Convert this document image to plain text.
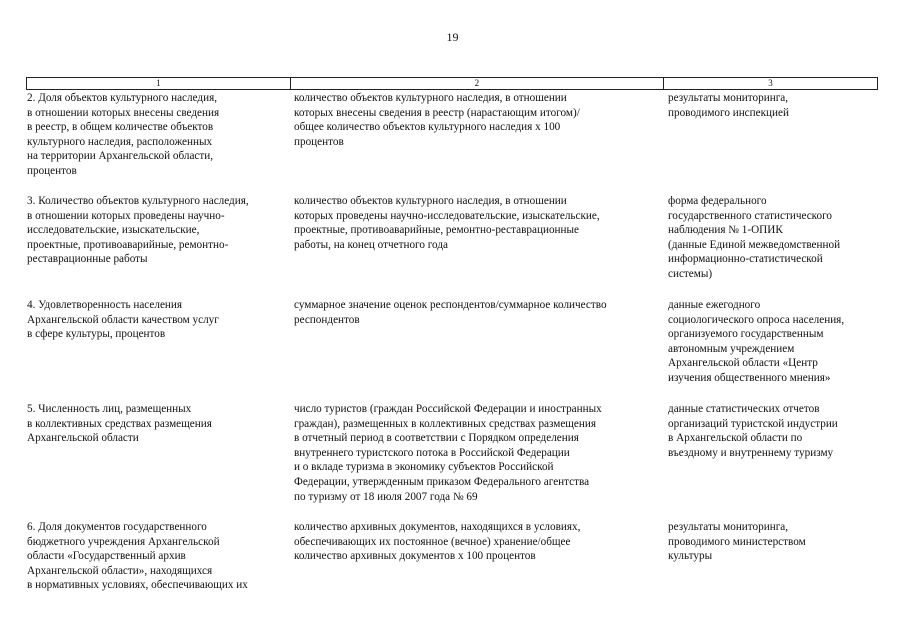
19
1	2	3
2. Доля объектов культурного наследия,
в отношении которых внесены сведения
в реестр, в общем количестве объектов
культурного наследия, расположенных
на территории Архангельской области,
процентов
количество объектов культурного наследия, в отношении
которых внесены сведения в реестр (нарастающим итогом)/
общее количество объектов культурного наследия х 100
процентов
результаты мониторинга,
проводимого инспекцией
3. Количество объектов культурного наследия,
в отношении которых проведены научно-
исследовательские, изыскательские,
проектные, противоаварийные, ремонтно-
реставрационные работы
количество объектов культурного наследия, в отношении
которых проведены научно-исследовательские, изыскательские,
проектные, противоаварийные, ремонтно-реставрационные
работы, на конец отчетного года
форма федерального
государственного статистического
наблюдения № 1-ОПИК
(данные Единой межведомственной
информационно-статистической
системы)
4. Удовлетворенность населения
Архангельской области качеством услуг
в сфере культуры, процентов
суммарное значение оценок респондентов/суммарное количество
респондентов
данные ежегодного
социологического опроса населения,
организуемого государственным
автономным учреждением
Архангельской области «Центр
изучения общественного мнения»
5. Численность лиц, размещенных
в коллективных средствах размещения
Архангельской области
число туристов (граждан Российской Федерации и иностранных
граждан), размещенных в коллективных средствах размещения
в отчетный период в соответствии с Порядком определения
внутреннего туристского потока в Российской Федерации
и о вкладе туризма в экономику субъектов Российской
Федерации, утвержденным приказом Федерального агентства
по туризму от 18 июля 2007 года № 69
данные статистических отчетов
организаций туристской индустрии
в Архангельской области по
въездному и внутреннему туризму
6. Доля документов государственного
бюджетного учреждения Архангельской
области «Государственный архив
Архангельской области», находящихся
в нормативных условиях, обеспечивающих их
количество архивных документов, находящихся в условиях,
обеспечивающих их постоянное (вечное) хранение/общее
количество архивных документов х 100 процентов
результаты мониторинга,
проводимого министерством
культуры
